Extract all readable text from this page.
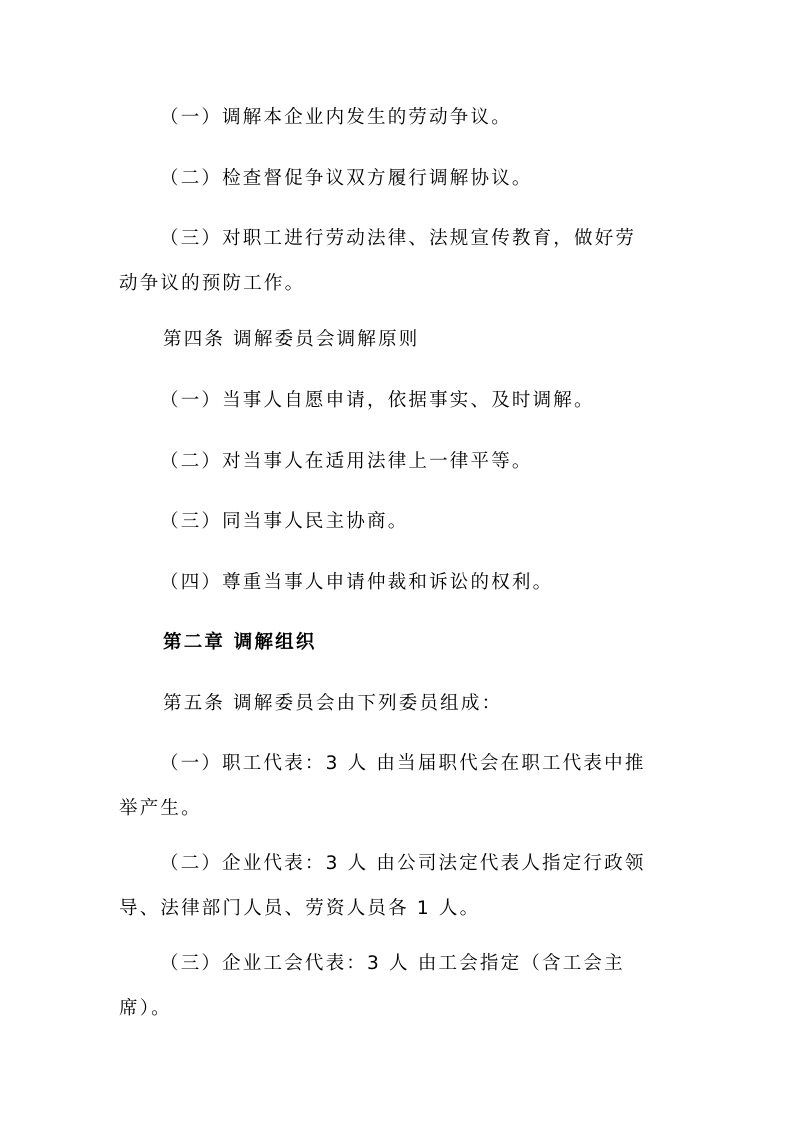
（一）调解本企业内发生的劳动争议。

（二）检查督促争议双方履行调解协议。

（三）对职工进行劳动法律、法规宣传教育，做好劳

动争议的预防工作。

第四条 调解委员会调解原则

（一）当事人自愿申请，依据事实、及时调解。

（二）对当事人在适用法律上一律平等。

（三）同当事人民主协商。

（四）尊重当事人申请仲裁和诉讼的权利。

第二章 调解组织

第五条 调解委员会由下列委员组成：

（一）职工代表：3 人 由当届职代会在职工代表中推

举产生。

（二）企业代表：3 人 由公司法定代表人指定行政领

导、法律部门人员、劳资人员各 1 人。

（三）企业工会代表：3 人 由工会指定（含工会主

席）。
